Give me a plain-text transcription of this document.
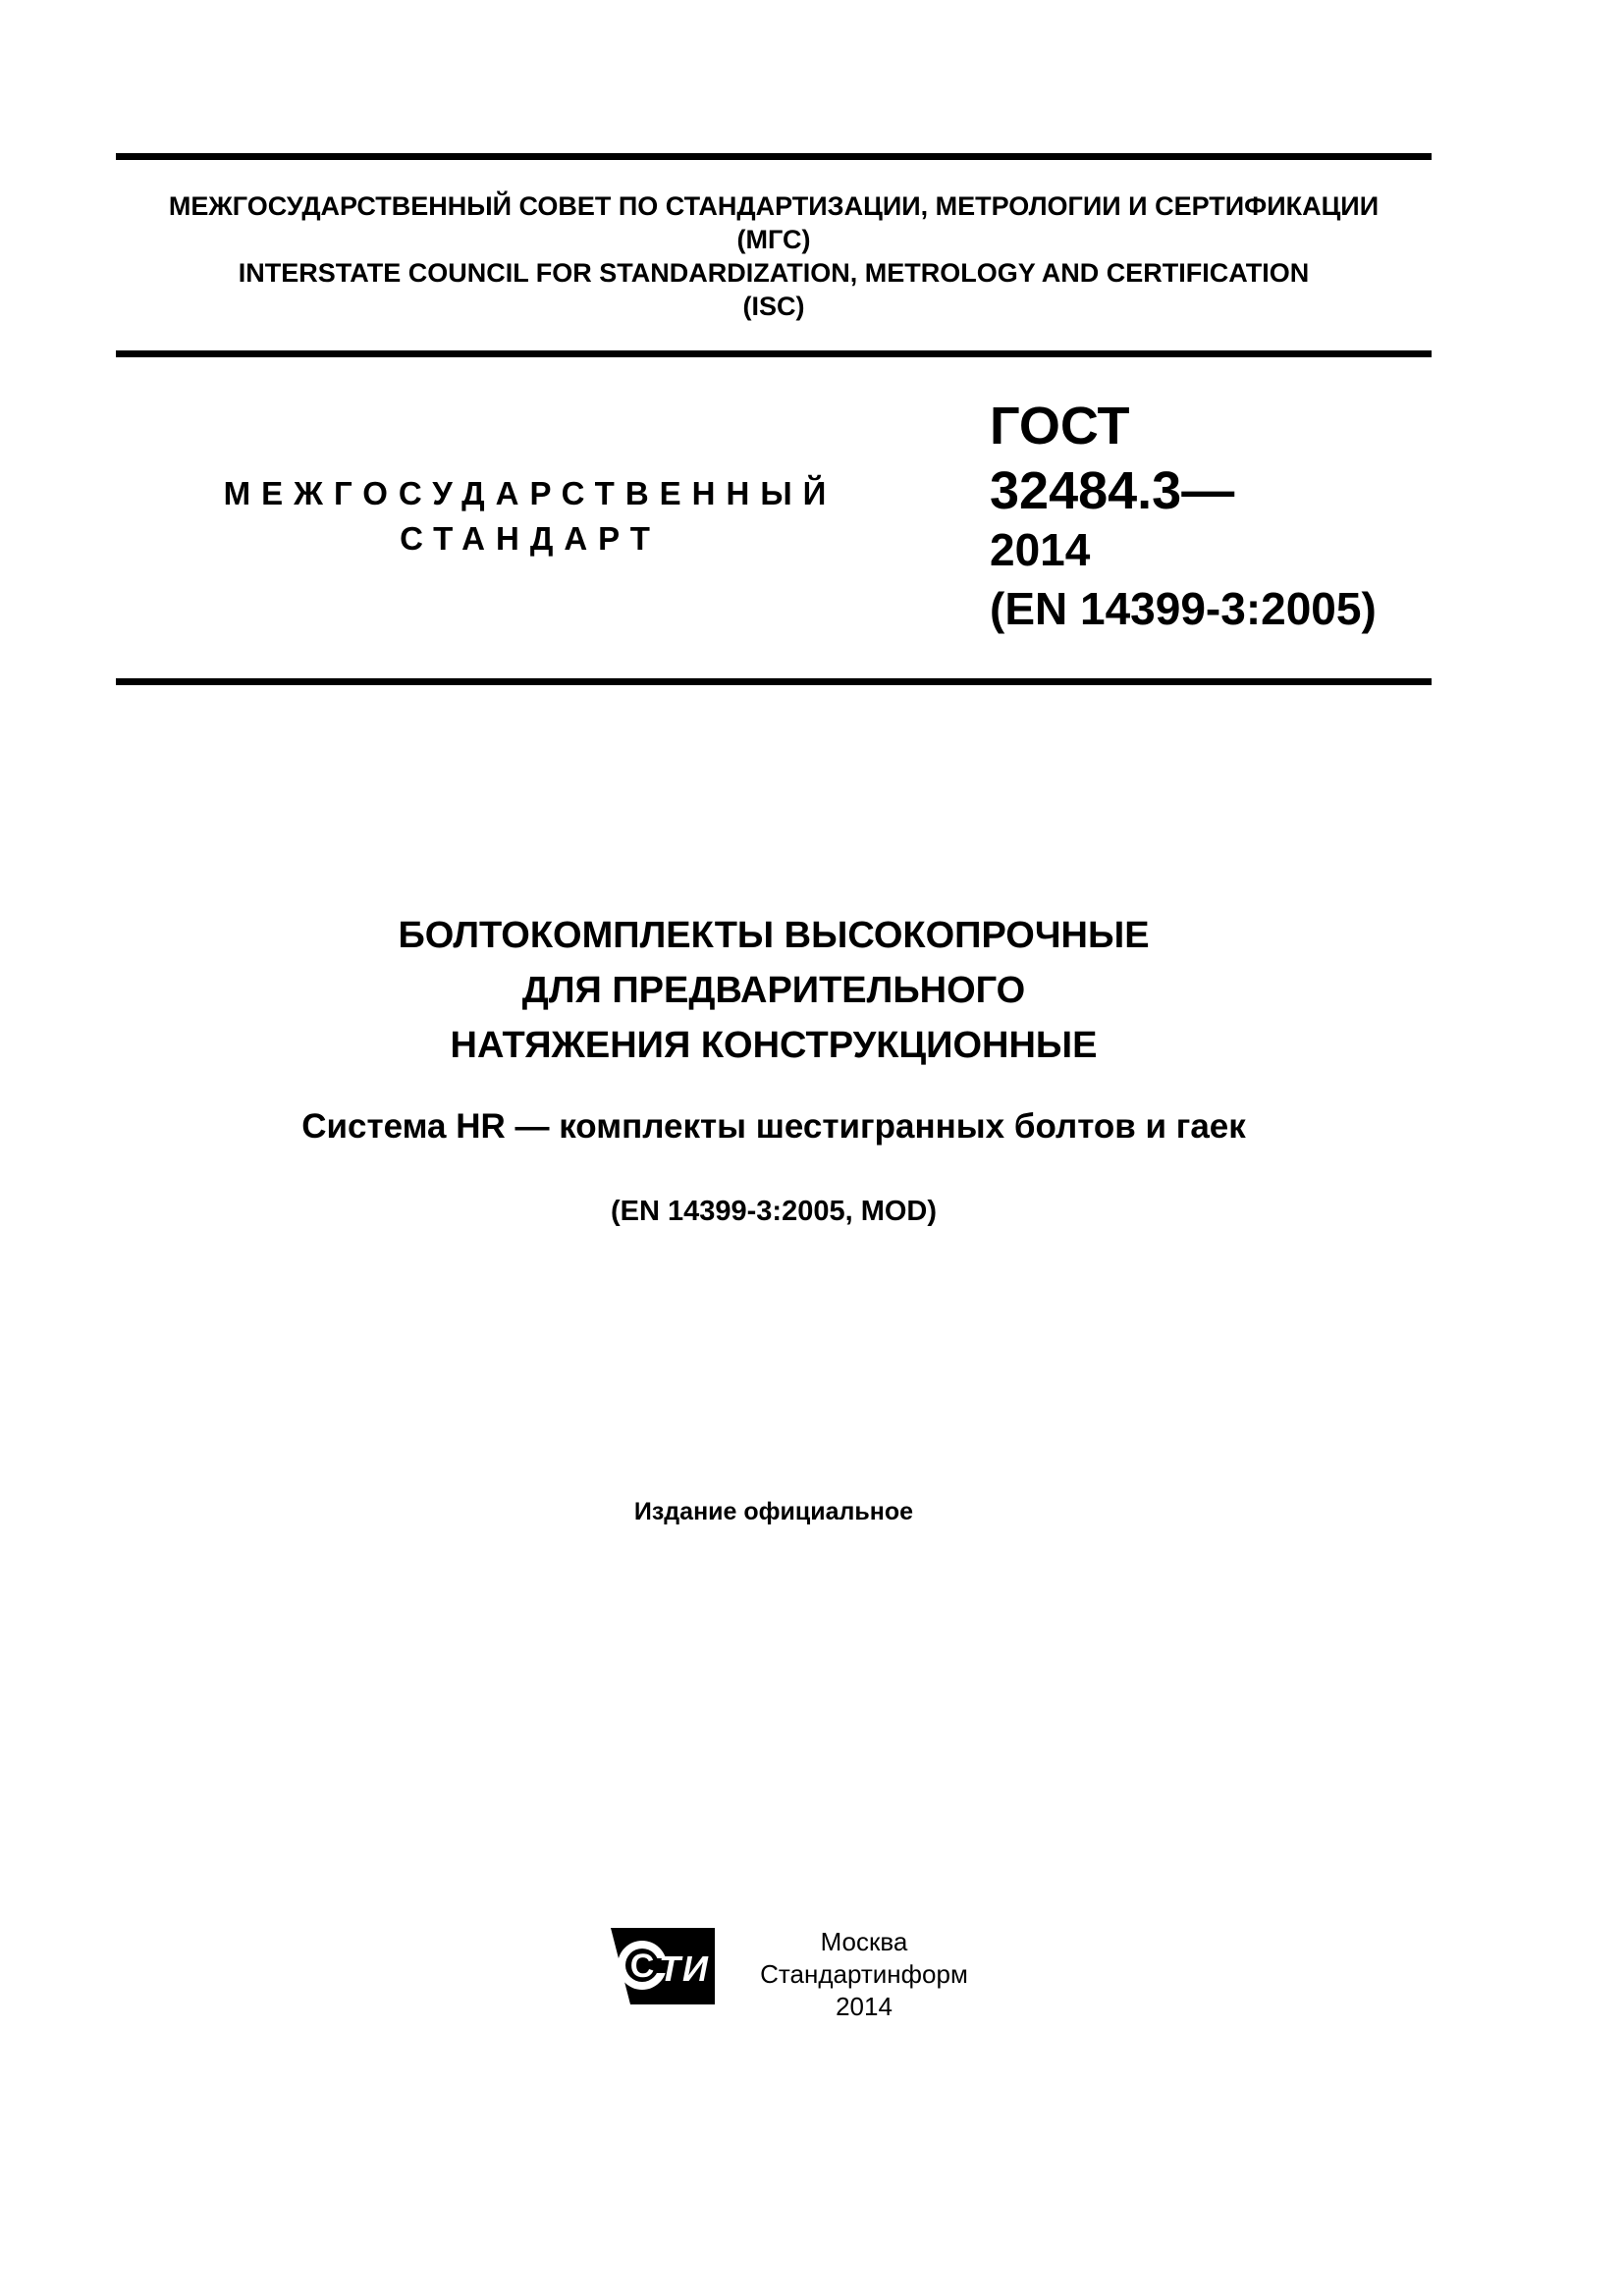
МЕЖГОСУДАРСТВЕННЫЙ СОВЕТ ПО СТАНДАРТИЗАЦИИ, МЕТРОЛОГИИ И СЕРТИФИКАЦИИ
(МГС)
INTERSTATE COUNCIL FOR STANDARDIZATION, METROLOGY AND CERTIFICATION
(ISC)
МЕЖГОСУДАРСТВЕННЫЙ
СТАНДАРТ
ГОСТ
32484.3—
2014
(EN 14399-3:2005)
БОЛТОКОМПЛЕКТЫ ВЫСОКОПРОЧНЫЕ
ДЛЯ ПРЕДВАРИТЕЛЬНОГО
НАТЯЖЕНИЯ КОНСТРУКЦИОННЫЕ
Система HR — комплекты шестигранных болтов и гаек
(EN 14399-3:2005, MOD)
Издание официальное
С Т И
Москва
Стандартинформ
2014
